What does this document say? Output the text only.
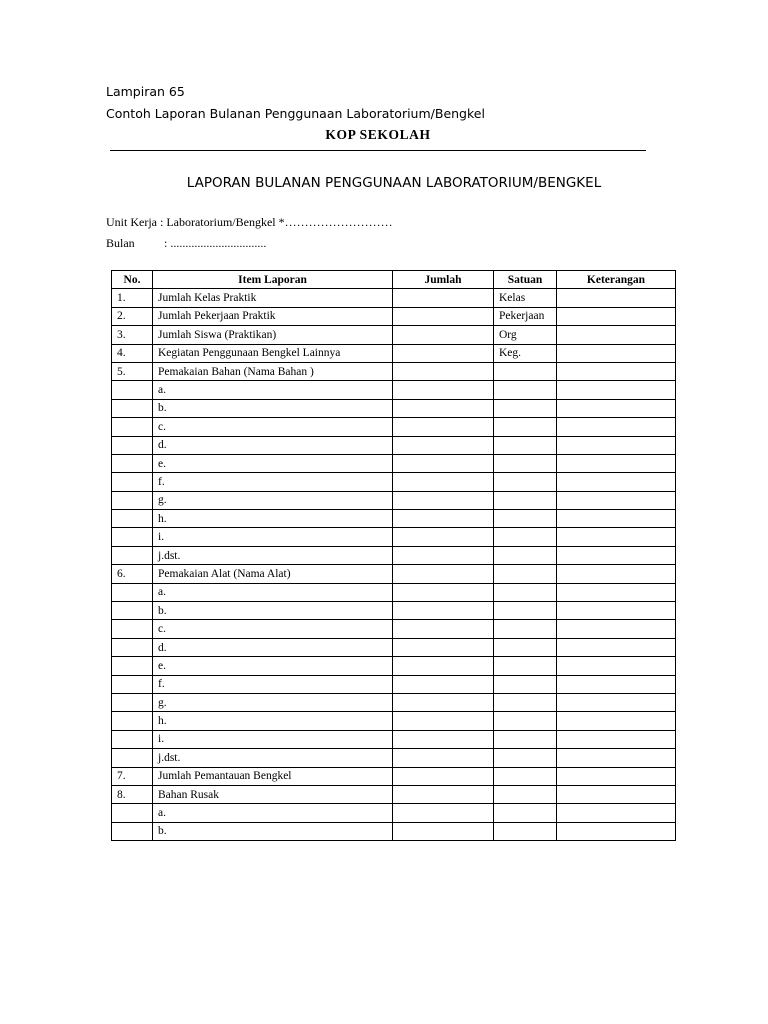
Lampiran 65
Contoh Laporan Bulanan Penggunaan Laboratorium/Bengkel
KOP SEKOLAH
LAPORAN BULANAN PENGGUNAAN LABORATORIUM/BENGKEL
Unit Kerja : Laboratorium/Bengkel *………………………
Bulan : ................................
No.	Item Laporan	Jumlah	Satuan	Keterangan
1.	Jumlah Kelas Praktik		Kelas	
2.	Jumlah Pekerjaan Praktik		Pekerjaan	
3.	Jumlah Siswa (Praktikan)		Org	
4.	Kegiatan Penggunaan Bengkel Lainnya		Keg.	
5.	Pemakaian Bahan (Nama Bahan )			
	a.			
	b.			
	c.			
	d.			
	e.			
	f.			
	g.			
	h.			
	i.			
	j.dst.			
6.	Pemakaian Alat (Nama Alat)			
	a.			
	b.			
	c.			
	d.			
	e.			
	f.			
	g.			
	h.			
	i.			
	j.dst.			
7.	Jumlah Pemantauan Bengkel			
8.	Bahan Rusak			
	a.			
	b.			
